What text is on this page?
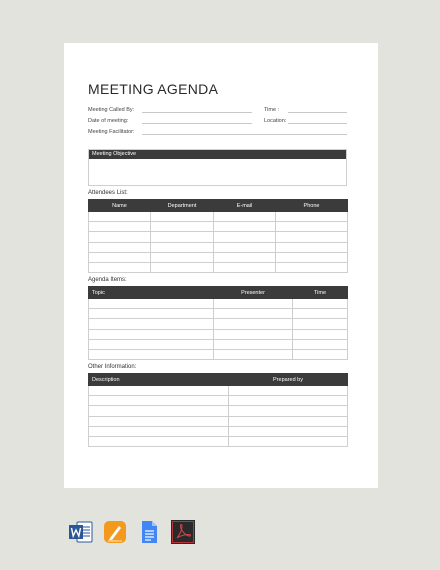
MEETING AGENDA
Meeting Called By:	Time :
Date of meeting:	Location:
Meeting Facilitator:
Meeting Objective
Attendees List:
Name	Department	E-mail	Phone

Agenda Items:
Topic	Presenter	Time

Other Information:
Description	Prepared by
